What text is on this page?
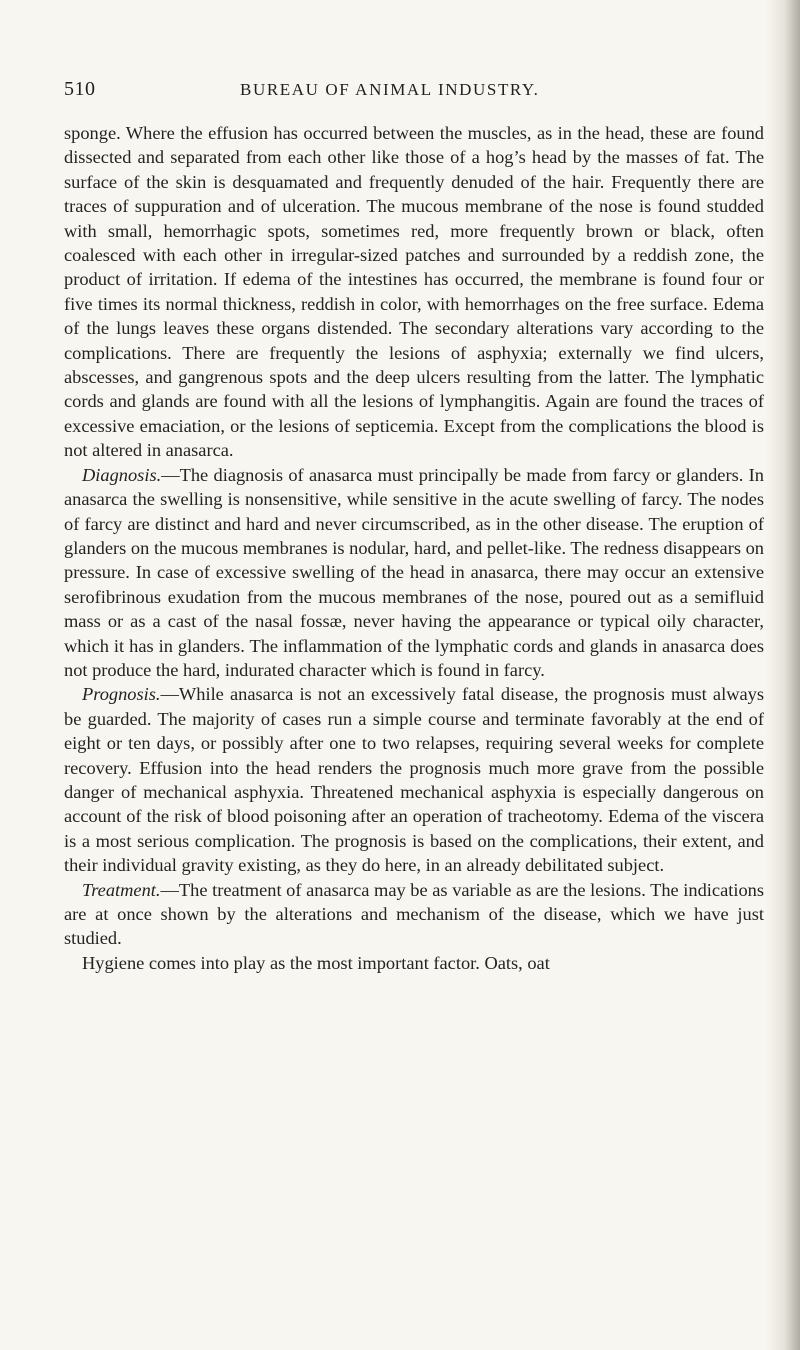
510	BUREAU OF ANIMAL INDUSTRY.

sponge. Where the effusion has occurred between the muscles, as in the head, these are found dissected and separated from each other like those of a hog’s head by the masses of fat. The surface of the skin is desquamated and frequently denuded of the hair. Frequently there are traces of suppuration and of ulceration. The mucous membrane of the nose is found studded with small, hemorrhagic spots, sometimes red, more frequently brown or black, often coalesced with each other in irregular-sized patches and surrounded by a reddish zone, the product of irritation. If edema of the intestines has occurred, the membrane is found four or five times its normal thickness, reddish in color, with hemorrhages on the free surface. Edema of the lungs leaves these organs distended. The secondary alterations vary according to the complications. There are frequently the lesions of asphyxia; externally we find ulcers, abscesses, and gangrenous spots and the deep ulcers resulting from the latter. The lymphatic cords and glands are found with all the lesions of lymphangitis. Again are found the traces of excessive emaciation, or the lesions of septicemia. Except from the complications the blood is not altered in anasarca.

Diagnosis.—The diagnosis of anasarca must principally be made from farcy or glanders. In anasarca the swelling is nonsensitive, while sensitive in the acute swelling of farcy. The nodes of farcy are distinct and hard and never circumscribed, as in the other disease. The eruption of glanders on the mucous membranes is nodular, hard, and pellet-like. The redness disappears on pressure. In case of excessive swelling of the head in anasarca, there may occur an extensive serofibrinous exudation from the mucous membranes of the nose, poured out as a semifluid mass or as a cast of the nasal fossæ, never having the appearance or typical oily character, which it has in glanders. The inflammation of the lymphatic cords and glands in anasarca does not produce the hard, indurated character which is found in farcy.

Prognosis.—While anasarca is not an excessively fatal disease, the prognosis must always be guarded. The majority of cases run a simple course and terminate favorably at the end of eight or ten days, or possibly after one to two relapses, requiring several weeks for complete recovery. Effusion into the head renders the prognosis much more grave from the possible danger of mechanical asphyxia. Threatened mechanical asphyxia is especially dangerous on account of the risk of blood poisoning after an operation of tracheotomy. Edema of the viscera is a most serious complication. The prognosis is based on the complications, their extent, and their individual gravity existing, as they do here, in an already debilitated subject.

Treatment.—The treatment of anasarca may be as variable as are the lesions. The indications are at once shown by the alterations and mechanism of the disease, which we have just studied.

Hygiene comes into play as the most important factor. Oats, oat
